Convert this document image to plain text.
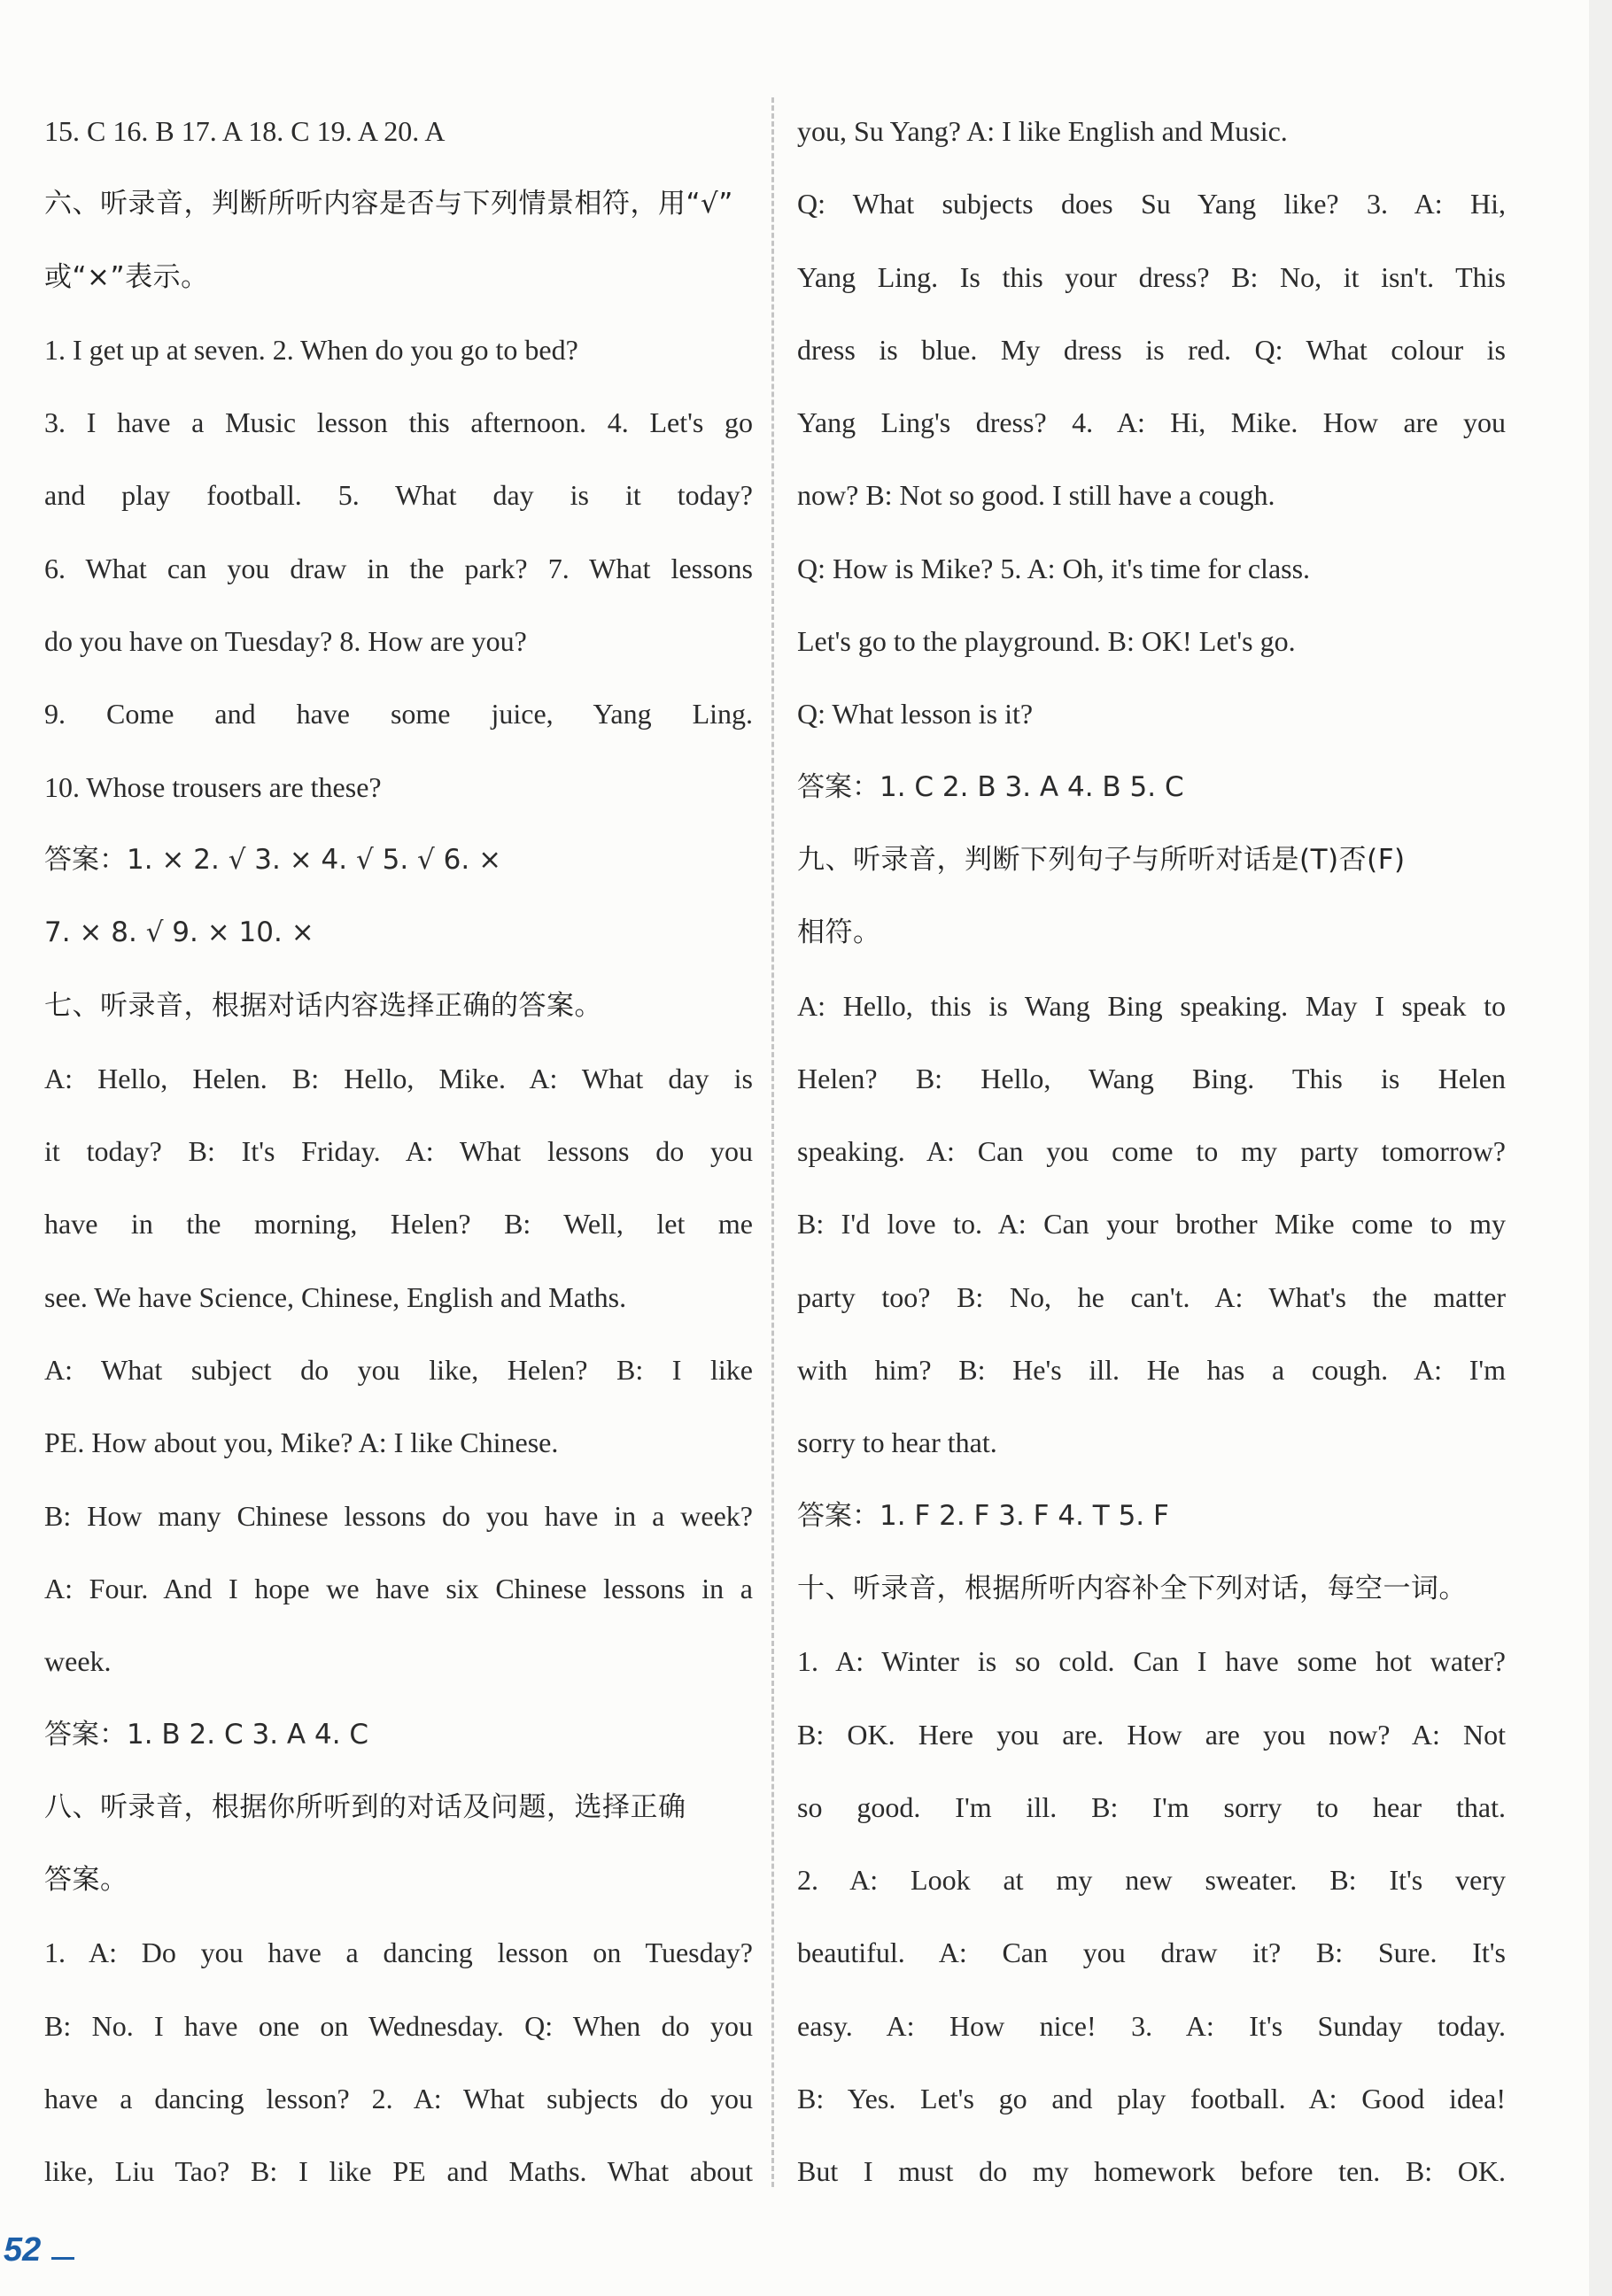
15. C 16. B 17. A 18. C 19. A 20. A
六、听录音，判断所听内容是否与下列情景相符，用“√”
或“×”表示。
1. I get up at seven. 2. When do you go to bed?
3. I have a Music lesson this afternoon. 4. Let's go
and play football. 5. What day is it today?
6. What can you draw in the park? 7. What lessons
do you have on Tuesday? 8. How are you?
9. Come and have some juice, Yang Ling.
10. Whose trousers are these?
答案：1. × 2. √ 3. × 4. √ 5. √ 6. ×
7. × 8. √ 9. × 10. ×
七、听录音，根据对话内容选择正确的答案。
A: Hello, Helen. B: Hello, Mike. A: What day is
it today? B: It's Friday. A: What lessons do you
have in the morning, Helen? B: Well, let me
see. We have Science, Chinese, English and Maths.
A: What subject do you like, Helen? B: I like
PE. How about you, Mike? A: I like Chinese.
B: How many Chinese lessons do you have in a week?
A: Four. And I hope we have six Chinese lessons in a
week.
答案：1. B 2. C 3. A 4. C
八、听录音，根据你所听到的对话及问题，选择正确
答案。
1. A: Do you have a dancing lesson on Tuesday?
B: No. I have one on Wednesday. Q: When do you
have a dancing lesson? 2. A: What subjects do you
like, Liu Tao? B: I like PE and Maths. What about
you, Su Yang? A: I like English and Music.
Q: What subjects does Su Yang like? 3. A: Hi,
Yang Ling. Is this your dress? B: No, it isn't. This
dress is blue. My dress is red. Q: What colour is
Yang Ling's dress? 4. A: Hi, Mike. How are you
now? B: Not so good. I still have a cough.
Q: How is Mike? 5. A: Oh, it's time for class.
Let's go to the playground. B: OK! Let's go.
Q: What lesson is it?
答案：1. C 2. B 3. A 4. B 5. C
九、听录音，判断下列句子与所听对话是(T)否(F)
相符。
A: Hello, this is Wang Bing speaking. May I speak to
Helen? B: Hello, Wang Bing. This is Helen
speaking. A: Can you come to my party tomorrow?
B: I'd love to. A: Can your brother Mike come to my
party too? B: No, he can't. A: What's the matter
with him? B: He's ill. He has a cough. A: I'm
sorry to hear that.
答案：1. F 2. F 3. F 4. T 5. F
十、听录音，根据所听内容补全下列对话，每空一词。
1. A: Winter is so cold. Can I have some hot water?
B: OK. Here you are. How are you now? A: Not
so good. I'm ill. B: I'm sorry to hear that.
2. A: Look at my new sweater. B: It's very
beautiful. A: Can you draw it? B: Sure. It's
easy. A: How nice! 3. A: It's Sunday today.
B: Yes. Let's go and play football. A: Good idea!
But I must do my homework before ten. B: OK.
52
